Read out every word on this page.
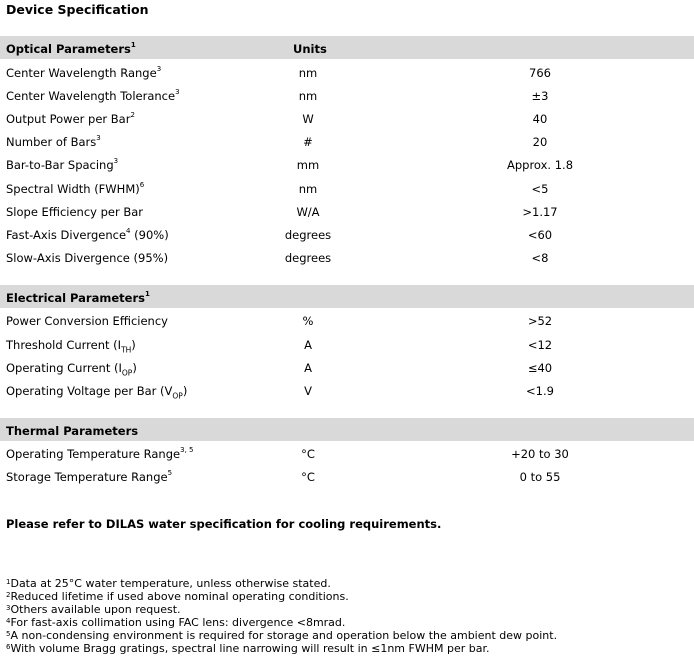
Device Specification
Optical Parameters$^1$	Units
Center Wavelength Range$^3$	nm	766
Center Wavelength Tolerance$^3$	nm	±3
Output Power per Bar$^2$	W	40
Number of Bars$^3$	#	20
Bar-to-Bar Spacing$^3$	mm	Approx. 1.8
Spectral Width (FWHM)$^6$	nm	<5
Slope Efficiency per Bar	W/A	>1.17
Fast-Axis Divergence$^4$ (90%)	degrees	<60
Slow-Axis Divergence (95%)	degrees	<8
Electrical Parameters$^1$
Power Conversion Efficiency	%	>52
Threshold Current $(I_{TH})$	A	<12
Operating Current $(I_{OP})$	A	≤40
Operating Voltage per Bar $(V_{OP})$	V	<1.9
Thermal Parameters
Operating Temperature Range$^{3, 5}$	°C	+20 to 30
Storage Temperature Range$^5$	°C	0 to 55
Please refer to DILAS water specification for cooling requirements.
$^1$Data at 25°C water temperature, unless otherwise stated.
$^2$Reduced lifetime if used above nominal operating conditions.
$^3$Others available upon request.
$^4$For fast-axis collimation using FAC lens: divergence <8mrad.
$^5$A non-condensing environment is required for storage and operation below the ambient dew point.
$^6$With volume Bragg gratings, spectral line narrowing will result in ≤1nm FWHM per bar.
